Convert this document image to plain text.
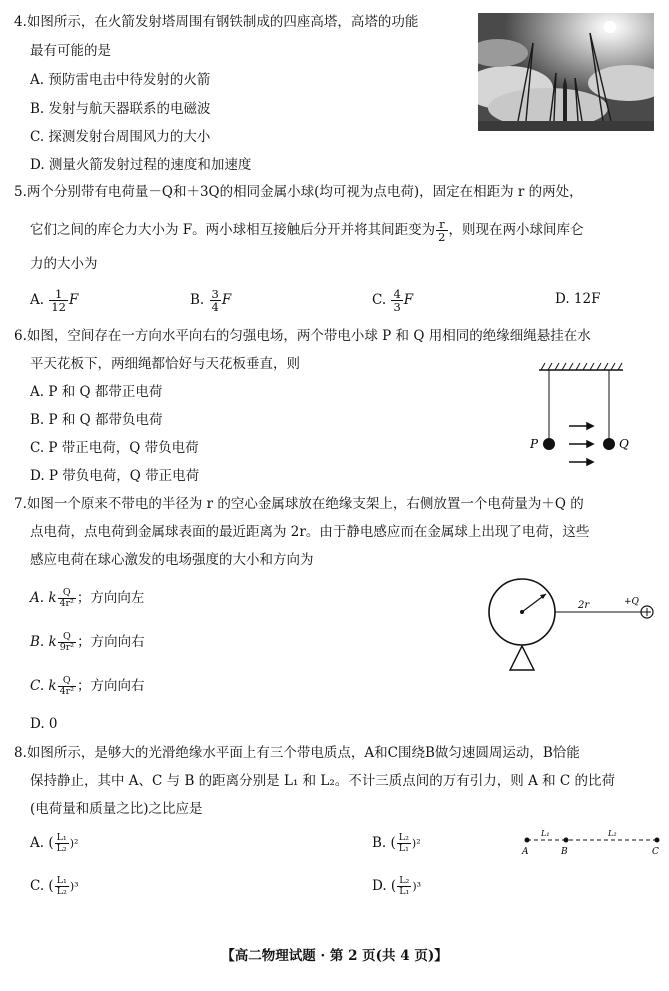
4.如图所示，在火箭发射塔周围有钢铁制成的四座高塔，高塔的功能
最有可能的是
A. 预防雷电击中待发射的火箭
B. 发射与航天器联系的电磁波
C. 探测发射台周围风力的大小
D. 测量火箭发射过程的速度和加速度
5.两个分别带有电荷量－Q和＋3Q的相同金属小球(均可视为点电荷)，固定在相距为 r 的两处，
它们之间的库仑力大小为 F。两小球相互接触后分开并将其间距变为 $\frac{r}{2}$ ，则现在两小球间库仑
力的大小为
A. $\frac{1}{12}$ F	B. $\frac{3}{4}$ F	C. $\frac{4}{3}$ F	D. 12F
6.如图，空间存在一方向水平向右的匀强电场，两个带电小球 P 和 Q 用相同的绝缘细绳悬挂在水
平天花板下，两细绳都恰好与天花板垂直，则
A. P 和 Q 都带正电荷
B. P 和 Q 都带负电荷
C. P 带正电荷，Q 带负电荷
D. P 带负电荷，Q 带正电荷
P	Q
7.如图一个原来不带电的半径为 r 的空心金属球放在绝缘支架上，右侧放置一个电荷量为＋Q 的
点电荷，点电荷到金属球表面的最近距离为 2r。由于静电感应而在金属球上出现了电荷，这些
感应电荷在球心激发的电场强度的大小和方向为
A. k $\frac{Q}{\text{4r²}}$ ；方向向左
B. k $\frac{Q}{\text{9r²}}$ ；方向向右
C. k $\frac{Q}{\text{4r²}}$ ；方向向右
D. 0
2r	+Q
8.如图所示，是够大的光滑绝缘水平面上有三个带电质点，A和C围绕B做匀速圆周运动，B恰能
保持静止，其中 A、C 与 B 的距离分别是 L₁ 和 L₂。不计三质点间的万有引力，则 A 和 C 的比荷
(电荷量和质量之比)之比应是
A. ( $\frac{\text{L₁}}{\text{L₂}} )^2$	B. ( $\frac{\text{L₂}}{\text{L₁}} )^2$
C. ( $\frac{\text{L₁}}{\text{L₂}} )^3$	D. ( $\frac{\text{L₂}}{\text{L₁}} )^3$
L₁	L₂
A	B	C
【高二物理试题 · 第 2 页(共 4 页)】
